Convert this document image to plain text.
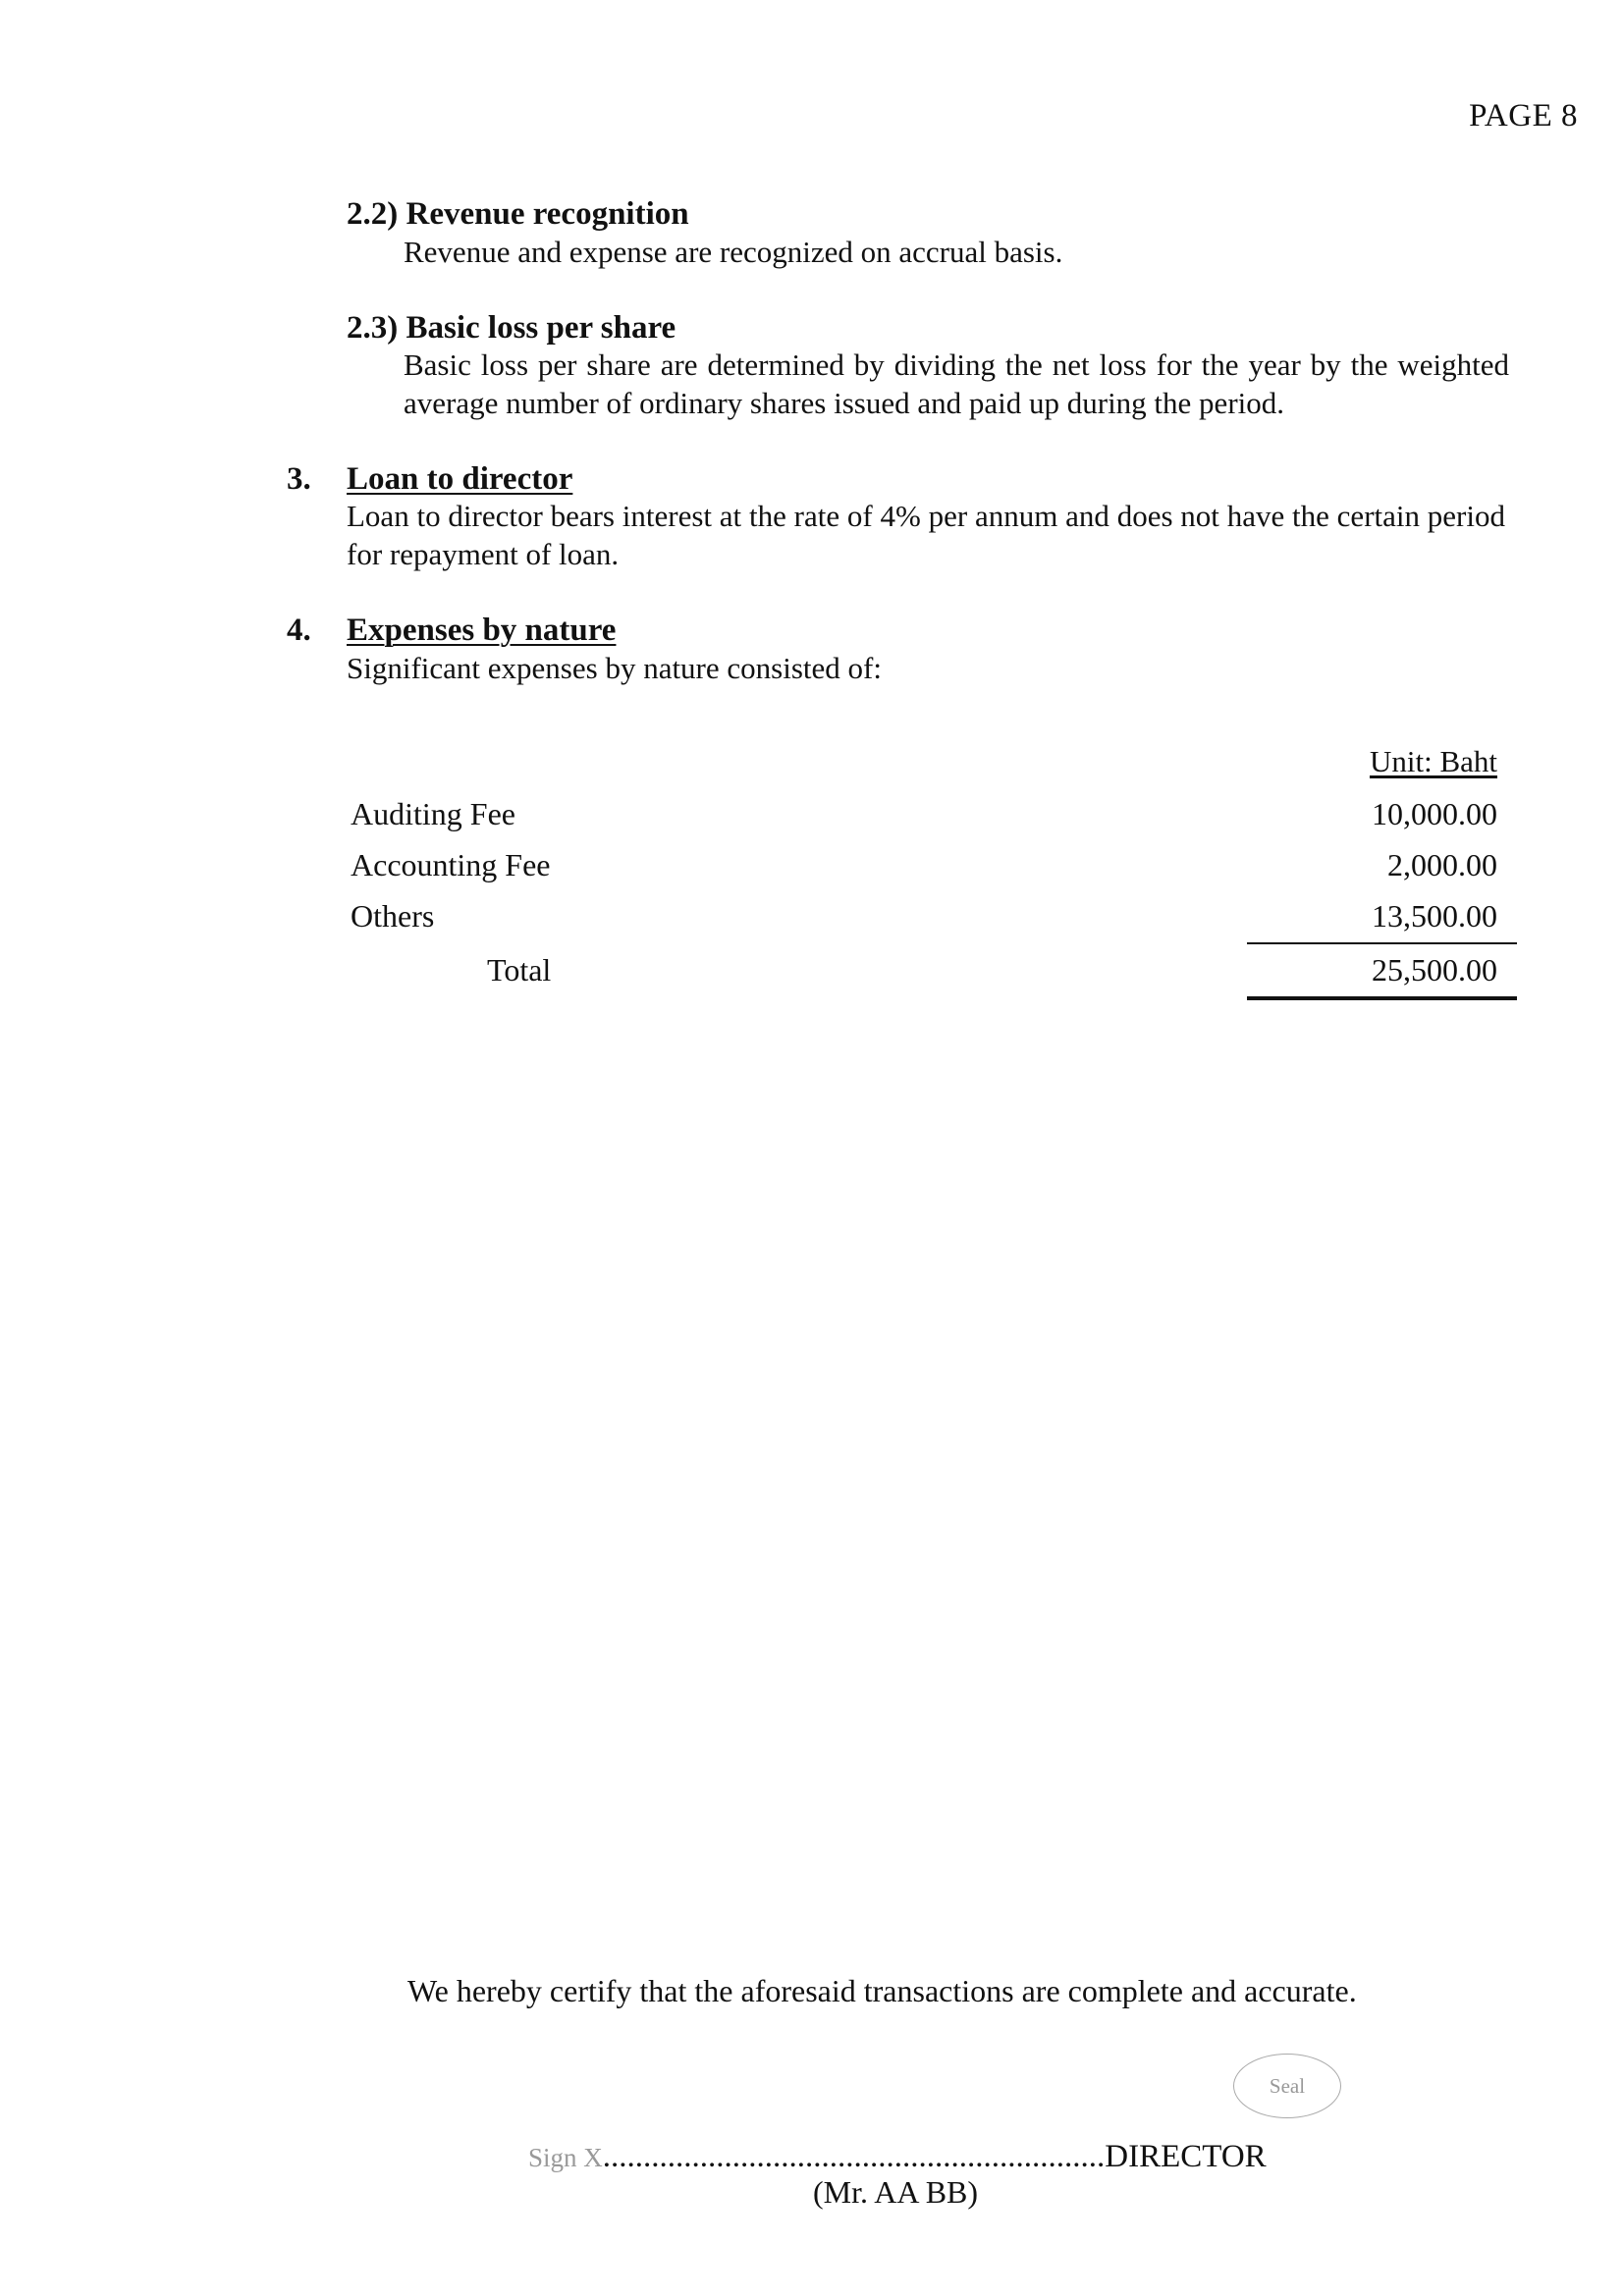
PAGE 8
2.2) Revenue recognition
Revenue and expense are recognized on accrual basis.
2.3) Basic loss per share
Basic loss per share are determined by dividing the net loss for the year by the weighted average number of ordinary shares issued and paid up during the period.
3. Loan to director
Loan to director bears interest at the rate of 4% per annum and does not have the certain period for repayment of loan.
4. Expenses by nature
Significant expenses by nature consisted of:
Unit: Baht
Auditing Fee	10,000.00
Accounting Fee	2,000.00
Others	13,500.00
Total	25,500.00
We hereby certify that the aforesaid transactions are complete and accurate.
Seal
Sign X..............................................................DIRECTOR
(Mr. AA BB)
